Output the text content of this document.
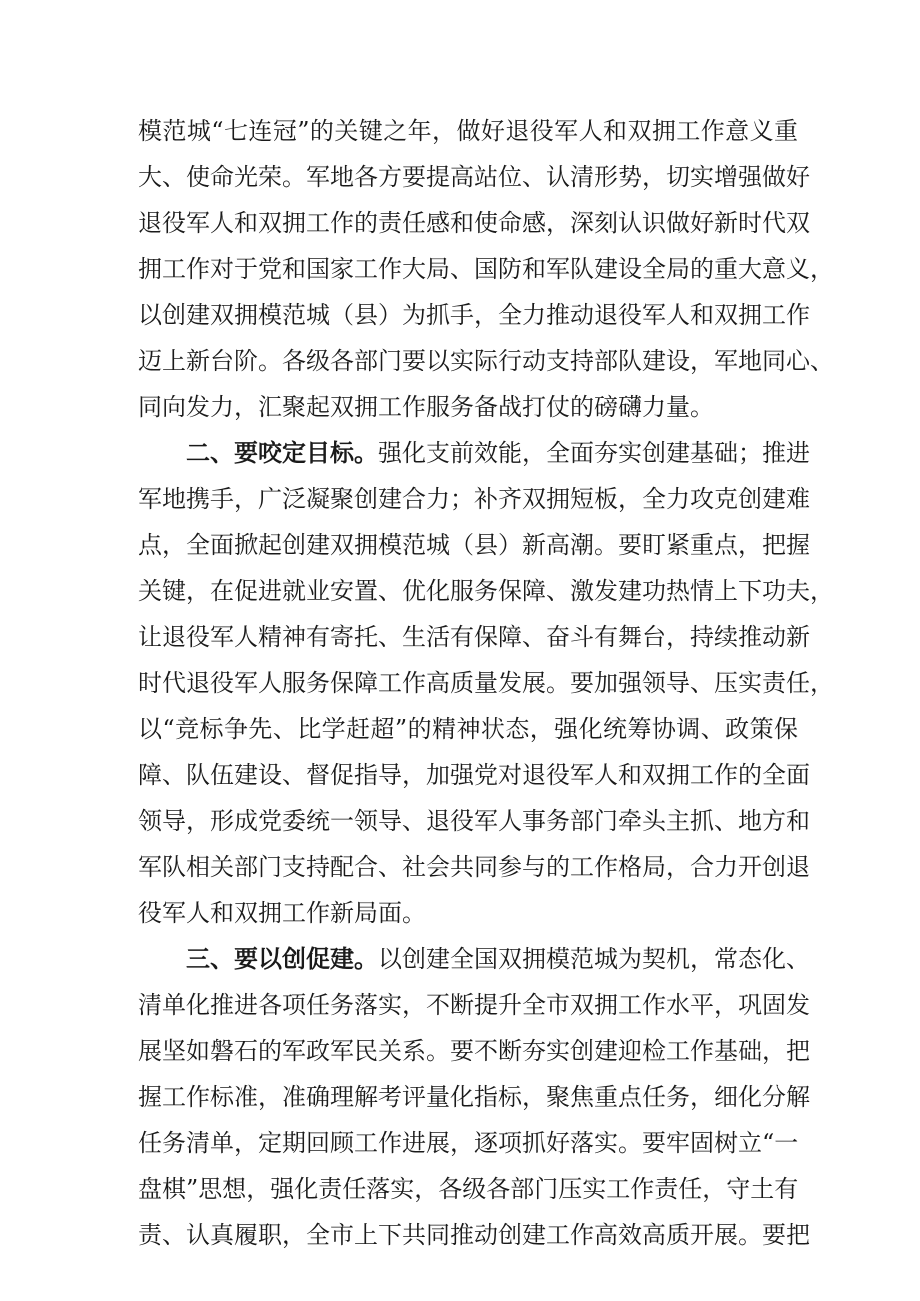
模范城“七连冠”的关键之年，做好退役军人和双拥工作意义重
大、使命光荣。军地各方要提高站位、认清形势，切实增强做好
退役军人和双拥工作的责任感和使命感，深刻认识做好新时代双
拥工作对于党和国家工作大局、国防和军队建设全局的重大意义，
以创建双拥模范城（县）为抓手，全力推动退役军人和双拥工作
迈上新台阶。各级各部门要以实际行动支持部队建设，军地同心、
同向发力，汇聚起双拥工作服务备战打仗的磅礴力量。
二、要咬定目标。强化支前效能，全面夯实创建基础；推进
军地携手，广泛凝聚创建合力；补齐双拥短板，全力攻克创建难
点，全面掀起创建双拥模范城（县）新高潮。要盯紧重点，把握
关键，在促进就业安置、优化服务保障、激发建功热情上下功夫，
让退役军人精神有寄托、生活有保障、奋斗有舞台，持续推动新
时代退役军人服务保障工作高质量发展。要加强领导、压实责任，
以“竞标争先、比学赶超”的精神状态，强化统筹协调、政策保
障、队伍建设、督促指导，加强党对退役军人和双拥工作的全面
领导，形成党委统一领导、退役军人事务部门牵头主抓、地方和
军队相关部门支持配合、社会共同参与的工作格局，合力开创退
役军人和双拥工作新局面。
三、要以创促建。以创建全国双拥模范城为契机，常态化、
清单化推进各项任务落实，不断提升全市双拥工作水平，巩固发
展坚如磐石的军政军民关系。要不断夯实创建迎检工作基础，把
握工作标准，准确理解考评量化指标，聚焦重点任务，细化分解
任务清单，定期回顾工作进展，逐项抓好落实。要牢固树立“一
盘棋”思想，强化责任落实，各级各部门压实工作责任，守土有
责、认真履职，全市上下共同推动创建工作高效高质开展。要把
